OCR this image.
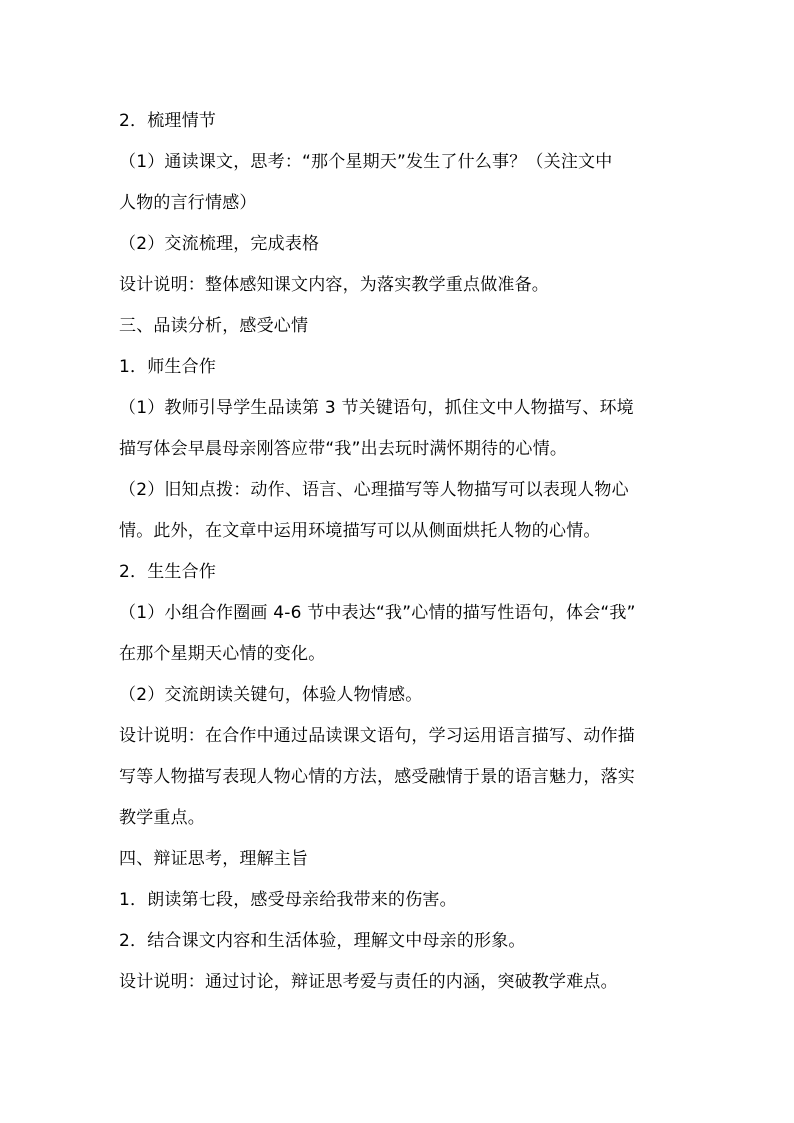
2．梳理情节

（1）通读课文，思考：“那个星期天”发生了什么事？（关注文中

人物的言行情感）

（2）交流梳理，完成表格

设计说明：整体感知课文内容，为落实教学重点做准备。

三、品读分析，感受心情

1．师生合作

（1）教师引导学生品读第 3 节关键语句，抓住文中人物描写、环境

描写体会早晨母亲刚答应带“我”出去玩时满怀期待的心情。

（2）旧知点拨：动作、语言、心理描写等人物描写可以表现人物心

情。此外，在文章中运用环境描写可以从侧面烘托人物的心情。

2．生生合作

（1）小组合作圈画 4-6 节中表达“我”心情的描写性语句，体会“我”

在那个星期天心情的变化。

（2）交流朗读关键句，体验人物情感。

设计说明：在合作中通过品读课文语句，学习运用语言描写、动作描

写等人物描写表现人物心情的方法，感受融情于景的语言魅力，落实

教学重点。

四、辩证思考，理解主旨

1．朗读第七段，感受母亲给我带来的伤害。

2．结合课文内容和生活体验，理解文中母亲的形象。

设计说明：通过讨论，辩证思考爱与责任的内涵，突破教学难点。
